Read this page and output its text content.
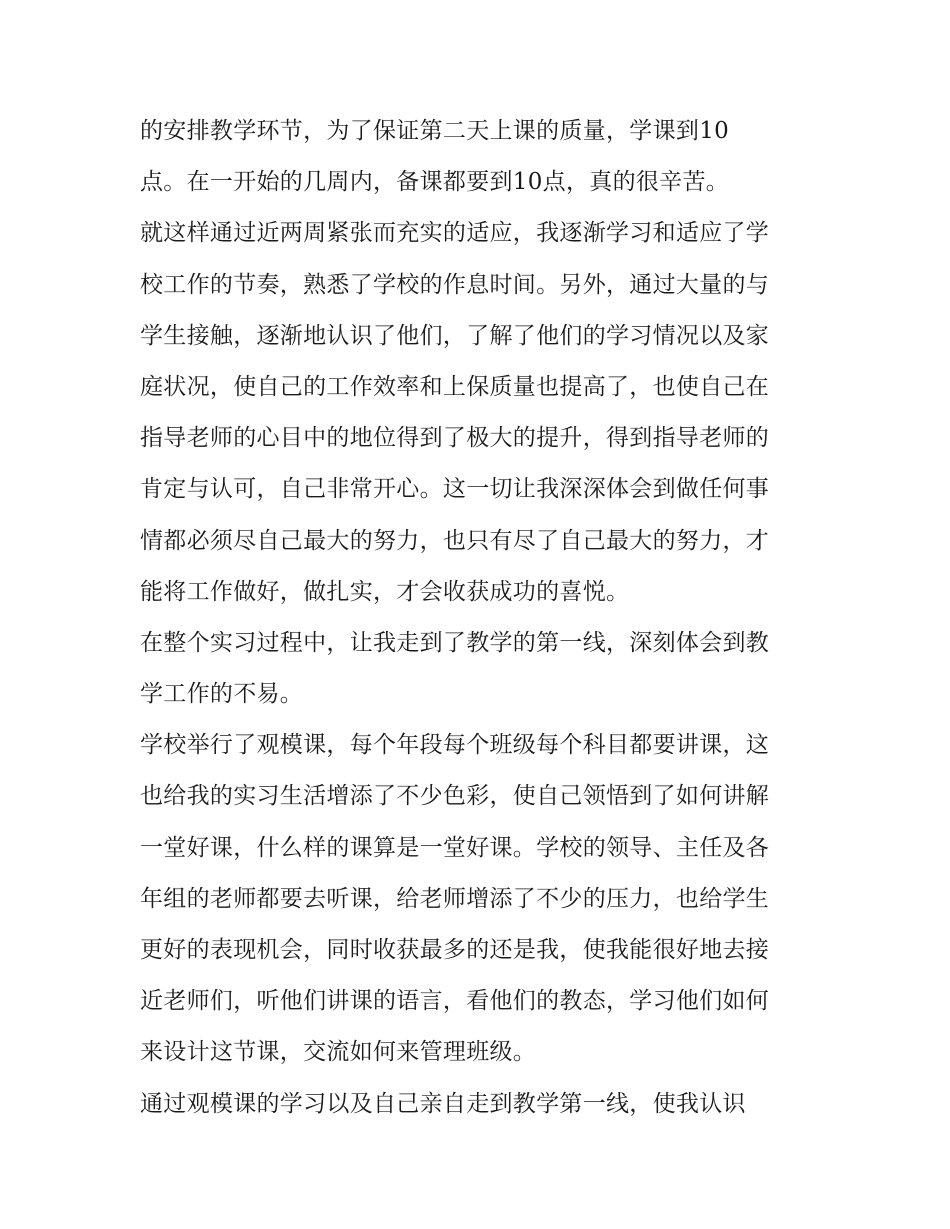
的安排教学环节，为了保证第二天上课的质量，学课到10
点。在一开始的几周内，备课都要到10点，真的很辛苦。
就这样通过近两周紧张而充实的适应，我逐渐学习和适应了学
校工作的节奏，熟悉了学校的作息时间。另外，通过大量的与
学生接触，逐渐地认识了他们，了解了他们的学习情况以及家
庭状况，使自己的工作效率和上保质量也提高了，也使自己在
指导老师的心目中的地位得到了极大的提升，得到指导老师的
肯定与认可，自己非常开心。这一切让我深深体会到做任何事
情都必须尽自己最大的努力，也只有尽了自己最大的努力，才
能将工作做好，做扎实，才会收获成功的喜悦。
在整个实习过程中，让我走到了教学的第一线，深刻体会到教
学工作的不易。
学校举行了观模课，每个年段每个班级每个科目都要讲课，这
也给我的实习生活增添了不少色彩，使自己领悟到了如何讲解
一堂好课，什么样的课算是一堂好课。学校的领导、主任及各
年组的老师都要去听课，给老师增添了不少的压力，也给学生
更好的表现机会，同时收获最多的还是我，使我能很好地去接
近老师们，听他们讲课的语言，看他们的教态，学习他们如何
来设计这节课，交流如何来管理班级。
通过观模课的学习以及自己亲自走到教学第一线，使我认识
